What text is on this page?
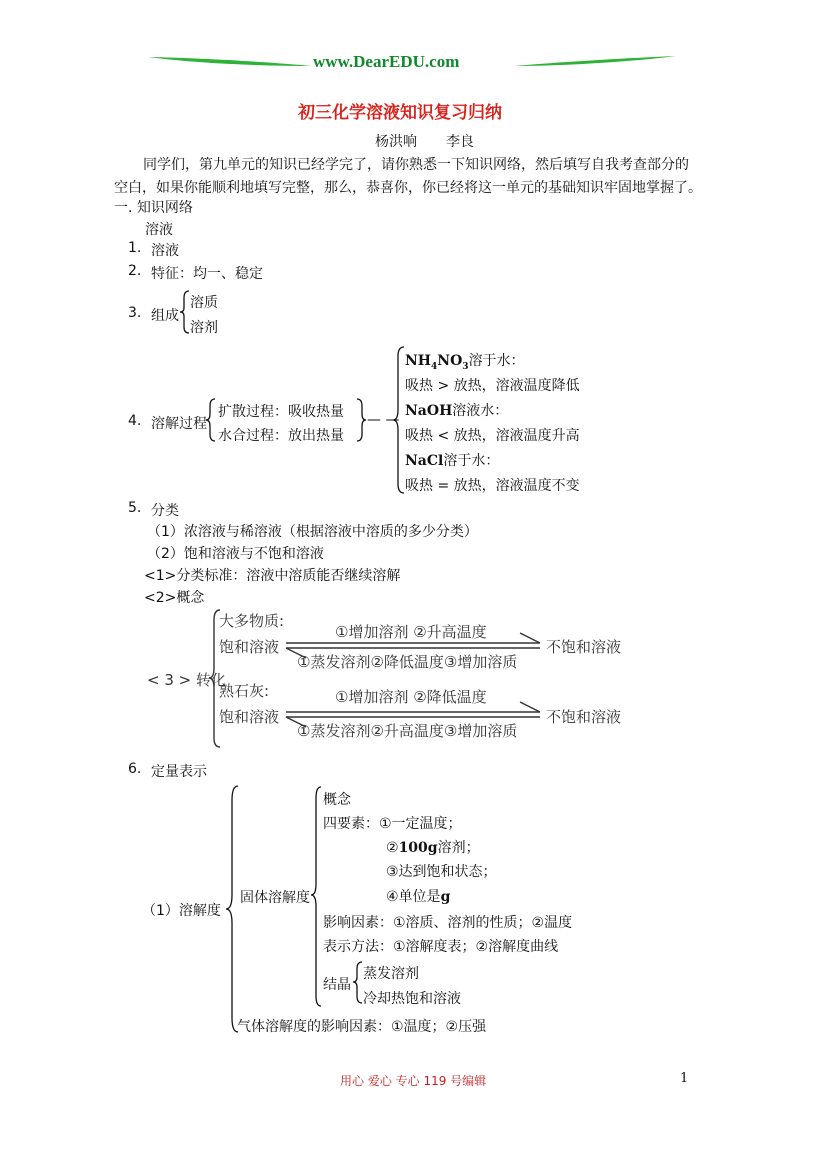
www.DearEDU.com
初三化学溶液知识复习归纳
杨洪响 李良
同学们，第九单元的知识已经学完了，请你熟悉一下知识网络，然后填写自我考查部分的
空白，如果你能顺利地填写完整，那么，恭喜你，你已经将这一单元的基础知识牢固地掌握了。
一. 知识网络
溶液
1. 溶液
2. 特征：均一、稳定
3. 组成
溶质
溶剂
4. 溶解过程
扩散过程：吸收热量
水合过程：放出热量
— —
$NH_4NO_3$溶于水：
吸热 > 放热，溶液温度降低
NaOH溶液水：
吸热 < 放热，溶液温度升高
NaCl溶于水：
吸热 = 放热，溶液温度不变
5. 分类
（1）浓溶液与稀溶液（根据溶液中溶质的多少分类）
（2）饱和溶液与不饱和溶液
<1>分类标准：溶液中溶质能否继续溶解
<2>概念
< 3 > 转化
大多物质:
饱和溶液
①增加溶剂 ②升高温度
①蒸发溶剂②降低温度③增加溶质
不饱和溶液
熟石灰:
饱和溶液
①增加溶剂 ②降低温度
①蒸发溶剂②升高温度③增加溶质
不饱和溶液
6. 定量表示
（1）溶解度
固体溶解度
概念
四要素：①一定温度；
②100g溶剂；
③达到饱和状态；
④单位是g
影响因素：①溶质、溶剂的性质；②温度
表示方法：①溶解度表；②溶解度曲线
结晶
蒸发溶剂
冷却热饱和溶液
气体溶解度的影响因素：①温度；②压强
用心 爱心 专心 119 号编辑	1
